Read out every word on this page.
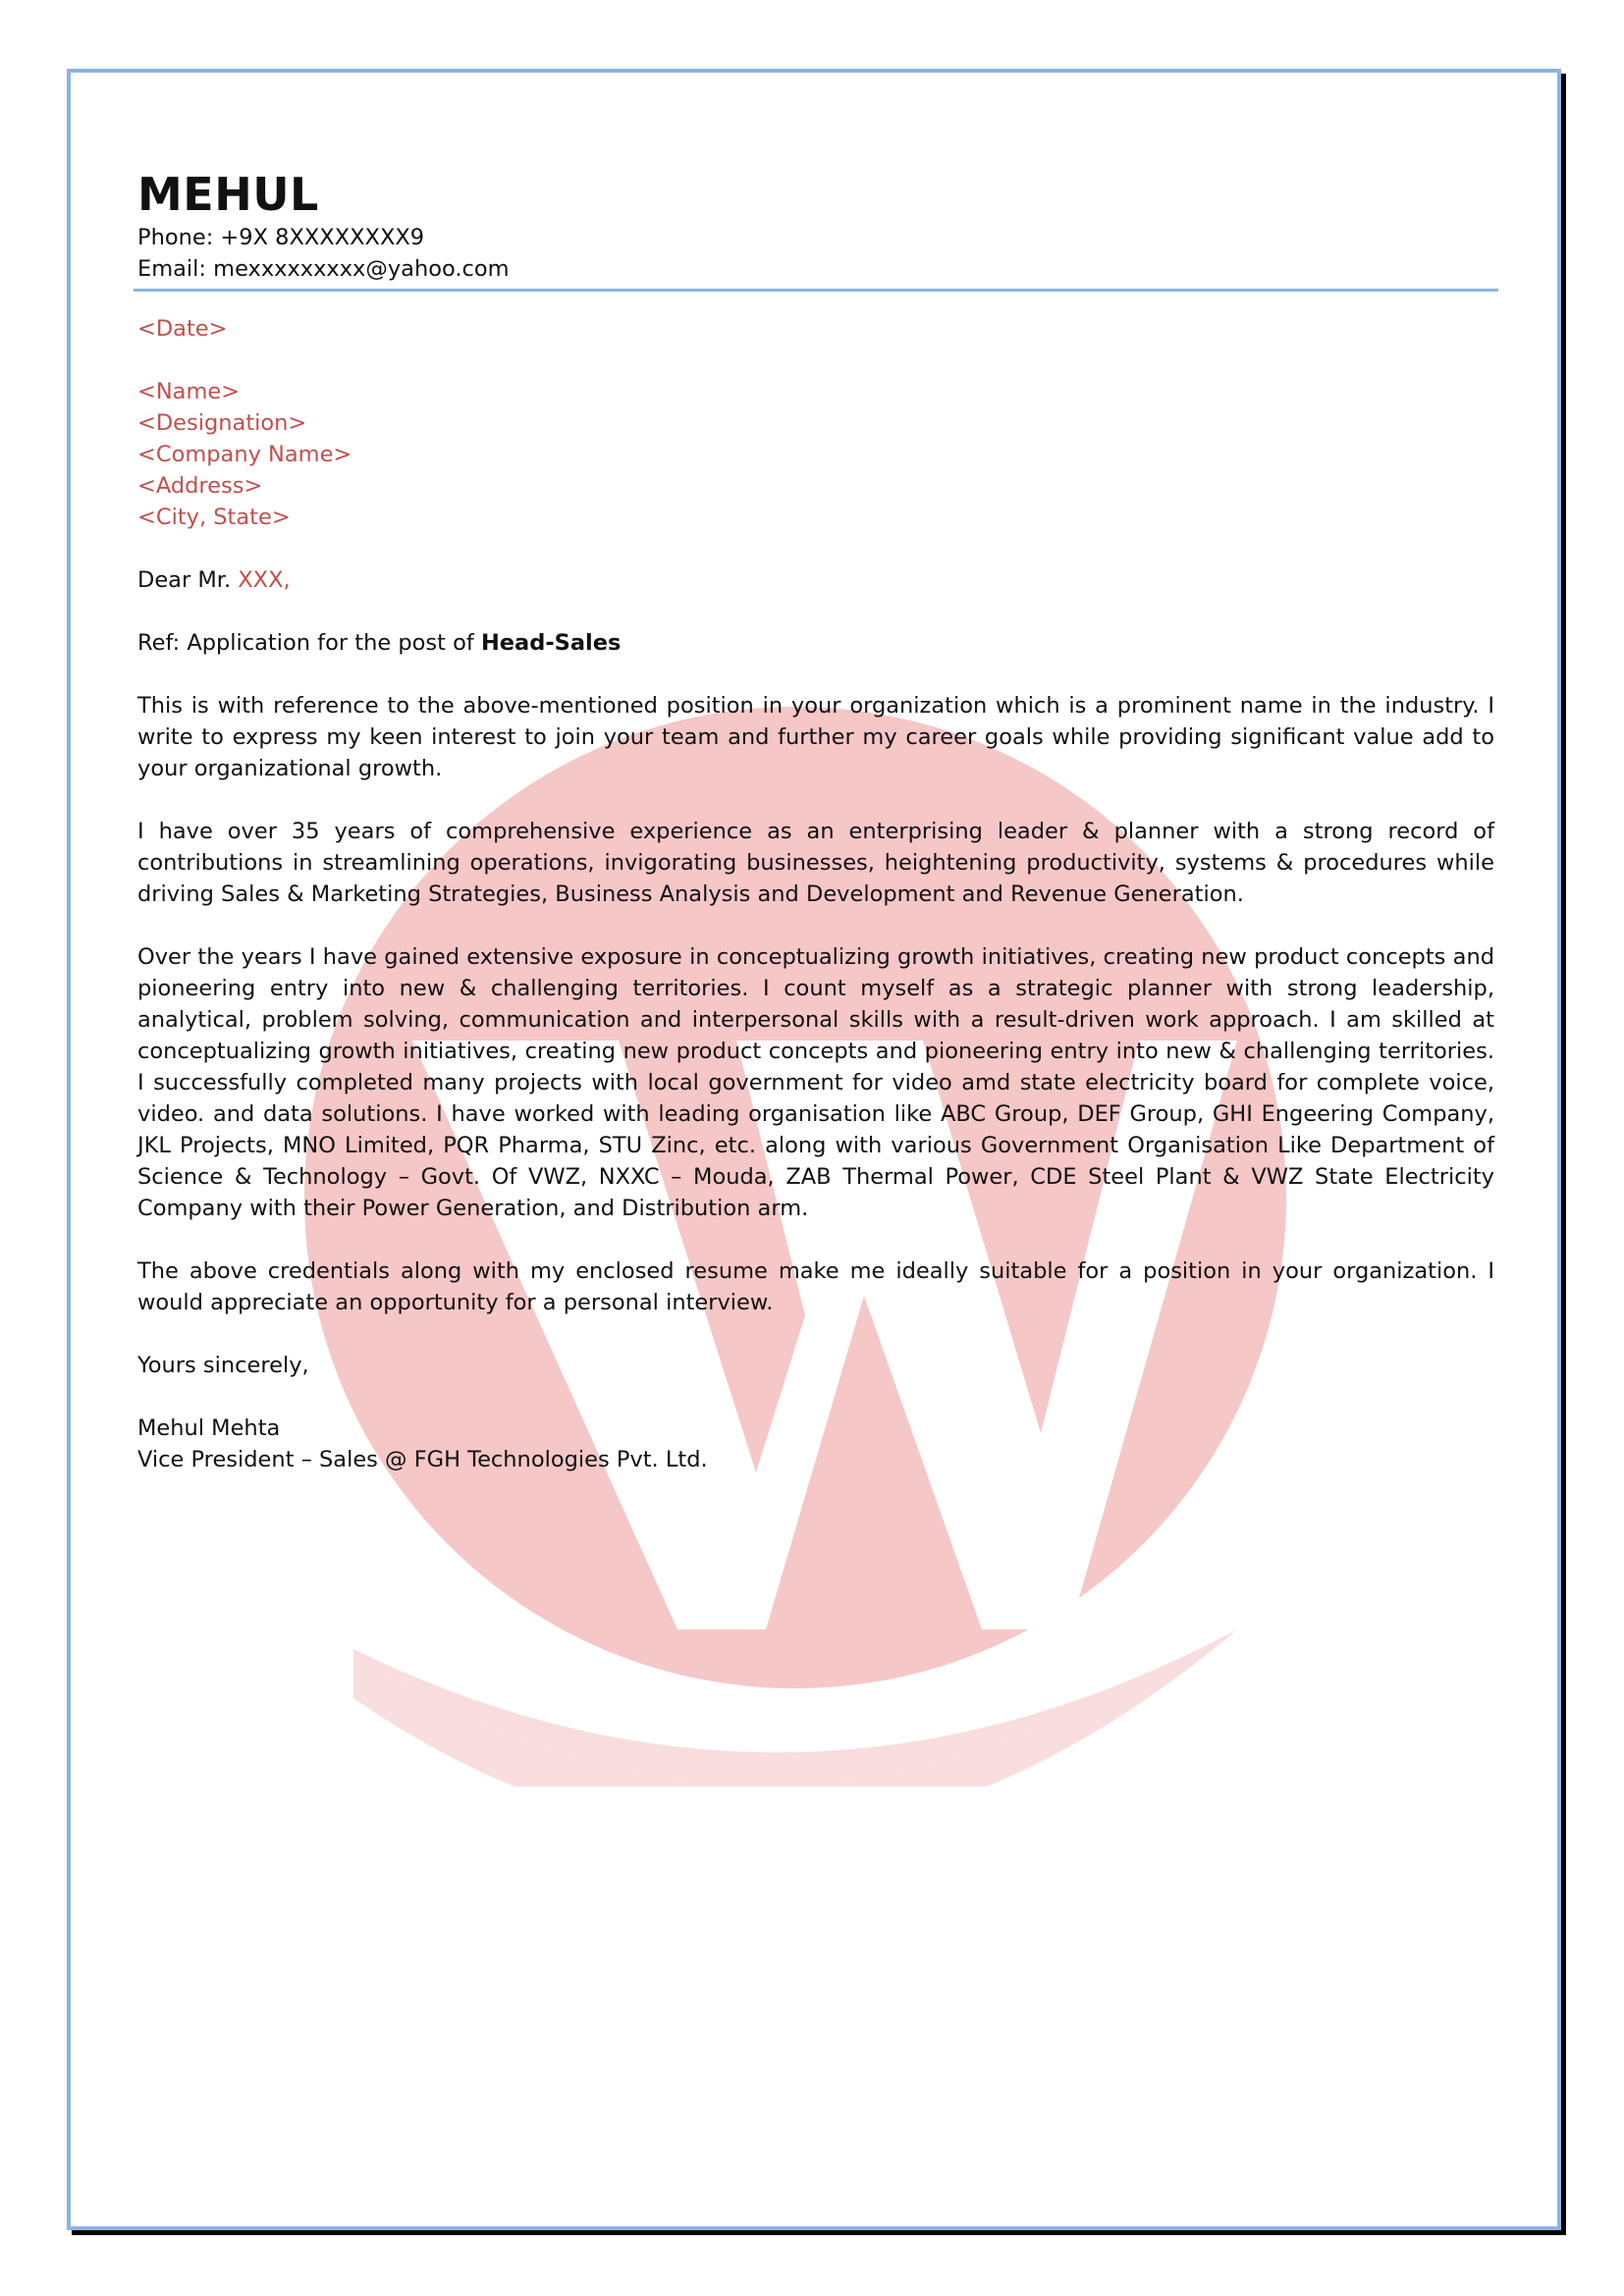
MEHUL
Phone: +9X 8XXXXXXXX9
Email: mexxxxxxxxx@yahoo.com
<Date>
<Name>
<Designation>
<Company Name>
<Address>
<City, State>

Dear Mr. XXX,

Ref: Application for the post of Head-Sales

This is with reference to the above-mentioned position in your organization which is a prominent name in the industry. I write to express my keen interest to join your team and further my career goals while providing significant value add to your organizational growth.

I have over 35 years of comprehensive experience as an enterprising leader & planner with a strong record of contributions in streamlining operations, invigorating businesses, heightening productivity, systems & procedures while driving Sales & Marketing Strategies, Business Analysis and Development and Revenue Generation.

Over the years I have gained extensive exposure in conceptualizing growth initiatives, creating new product concepts and pioneering entry into new & challenging territories. I count myself as a strategic planner with strong leadership, analytical, problem solving, communication and interpersonal skills with a result-driven work approach. I am skilled at conceptualizing growth initiatives, creating new product concepts and pioneering entry into new & challenging territories. I successfully completed many projects with local government for video amd state electricity board for complete voice, video. and data solutions. I have worked with leading organisation like ABC Group, DEF Group, GHI Engeering Company, JKL Projects, MNO Limited, PQR Pharma, STU Zinc, etc. along with various Government Organisation Like Department of Science & Technology – Govt. Of VWZ, NXXC – Mouda, ZAB Thermal Power, CDE Steel Plant & VWZ State Electricity Company with their Power Generation, and Distribution arm.

The above credentials along with my enclosed resume make me ideally suitable for a position in your organization. I would appreciate an opportunity for a personal interview.

Yours sincerely,

Mehul Mehta
Vice President – Sales @ FGH Technologies Pvt. Ltd.
